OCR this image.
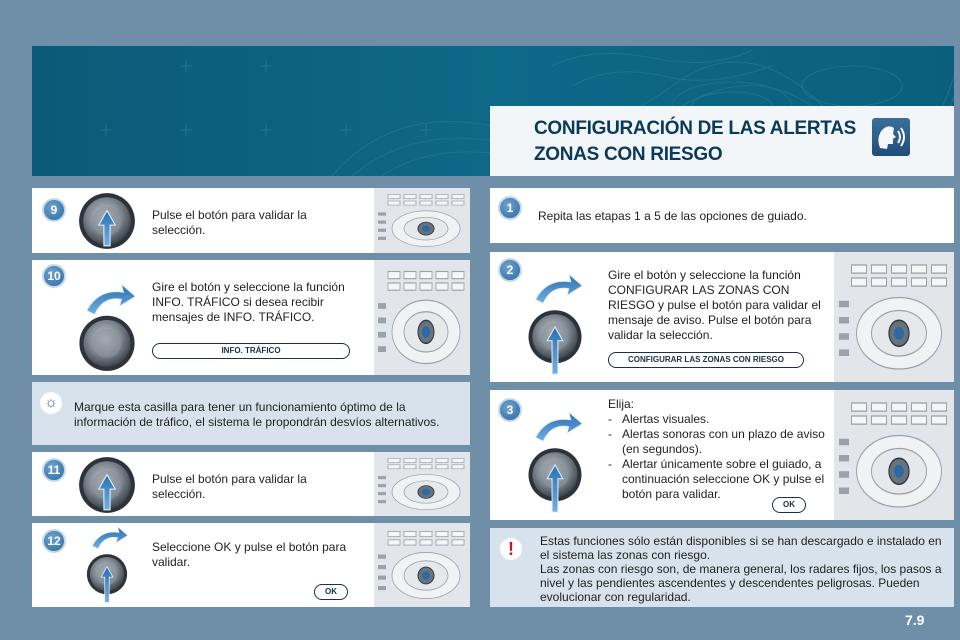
CONFIGURACIÓN DE LAS ALERTAS ZONAS CON RIESGO
9	Pulse el botón para validar la selección.
10
Gire el botón y seleccione la función INFO. TRÁFICO si desea recibir mensajes de INFO. TRÁFICO.
INFO. TRÁFICO
☼	Marque esta casilla para tener un funcionamiento óptimo de la información de tráfico, el sistema le propondrán desvíos alternativos.
11
Pulse el botón para validar la selección.
12	Seleccione OK y pulse el botón para validar.
OK
1
Repita las etapas 1 a 5 de las opciones de guiado.
2	Gire el botón y seleccione la función CONFIGURAR LAS ZONAS CON RIESGO y pulse el botón para validar el mensaje de aviso. Pulse el botón para validar la selección.
CONFIGURAR LAS ZONAS CON RIESGO
3	Elija:
- Alertas visuales.
- Alertas sonoras con un plazo de aviso (en segundos).
- Alertar únicamente sobre el guiado, a continuación seleccione OK y pulse el botón para validar.
OK
!	Estas funciones sólo están disponibles si se han descargado e instalado en el sistema las zonas con riesgo.
Las zonas con riesgo son, de manera general, los radares fijos, los pasos a nivel y las pendientes ascendentes y descendentes peligrosas. Pueden evolucionar con regularidad.
7.9
